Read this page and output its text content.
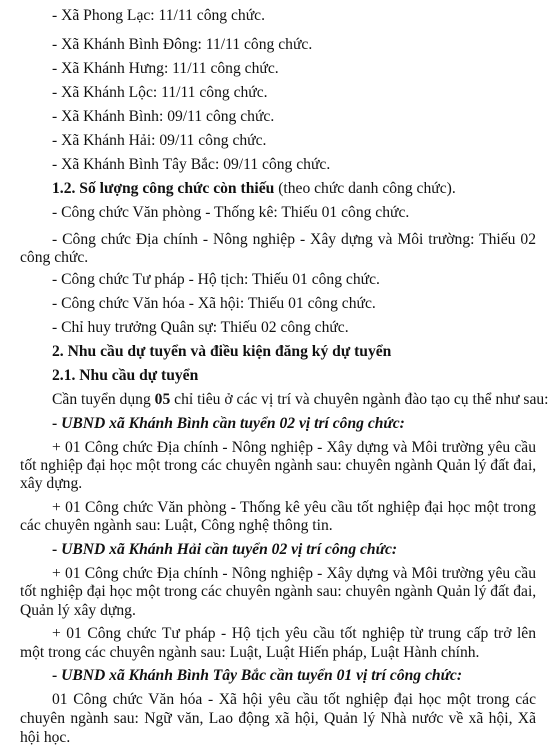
- Xã Phong Lạc: 11/11 công chức.
- Xã Khánh Bình Đông: 11/11 công chức.
- Xã Khánh Hưng: 11/11 công chức.
- Xã Khánh Lộc: 11/11 công chức.
- Xã Khánh Bình: 09/11 công chức.
- Xã Khánh Hải: 09/11 công chức.
- Xã Khánh Bình Tây Bắc: 09/11 công chức.
1.2. Số lượng công chức còn thiếu (theo chức danh công chức).
- Công chức Văn phòng - Thống kê: Thiếu 01 công chức.
- Công chức Địa chính - Nông nghiệp - Xây dựng và Môi trường: Thiếu 02
công chức.
- Công chức Tư pháp - Hộ tịch: Thiếu 01 công chức.
- Công chức Văn hóa - Xã hội: Thiếu 01 công chức.
- Chỉ huy trưởng Quân sự: Thiếu 02 công chức.
2. Nhu cầu dự tuyển và điều kiện đăng ký dự tuyển
2.1. Nhu cầu dự tuyển
Cần tuyển dụng 05 chỉ tiêu ở các vị trí và chuyên ngành đào tạo cụ thể như sau:
- UBND xã Khánh Bình cần tuyển 02 vị trí công chức:
+ 01 Công chức Địa chính - Nông nghiệp - Xây dựng và Môi trường yêu cầu
tốt nghiệp đại học một trong các chuyên ngành sau: chuyên ngành Quản lý đất đai,
xây dựng.
+ 01 Công chức Văn phòng - Thống kê yêu cầu tốt nghiệp đại học một trong
các chuyên ngành sau: Luật, Công nghệ thông tin.
- UBND xã Khánh Hải cần tuyển 02 vị trí công chức:
+ 01 Công chức Địa chính - Nông nghiệp - Xây dựng và Môi trường yêu cầu
tốt nghiệp đại học một trong các chuyên ngành sau: chuyên ngành Quản lý đất đai,
Quản lý xây dựng.
+ 01 Công chức Tư pháp - Hộ tịch yêu cầu tốt nghiệp từ trung cấp trở lên
một trong các chuyên ngành sau: Luật, Luật Hiến pháp, Luật Hành chính.
- UBND xã Khánh Bình Tây Bắc cần tuyển 01 vị trí công chức:
01 Công chức Văn hóa - Xã hội yêu cầu tốt nghiệp đại học một trong các
chuyên ngành sau: Ngữ văn, Lao động xã hội, Quản lý Nhà nước về xã hội, Xã
hội học.
